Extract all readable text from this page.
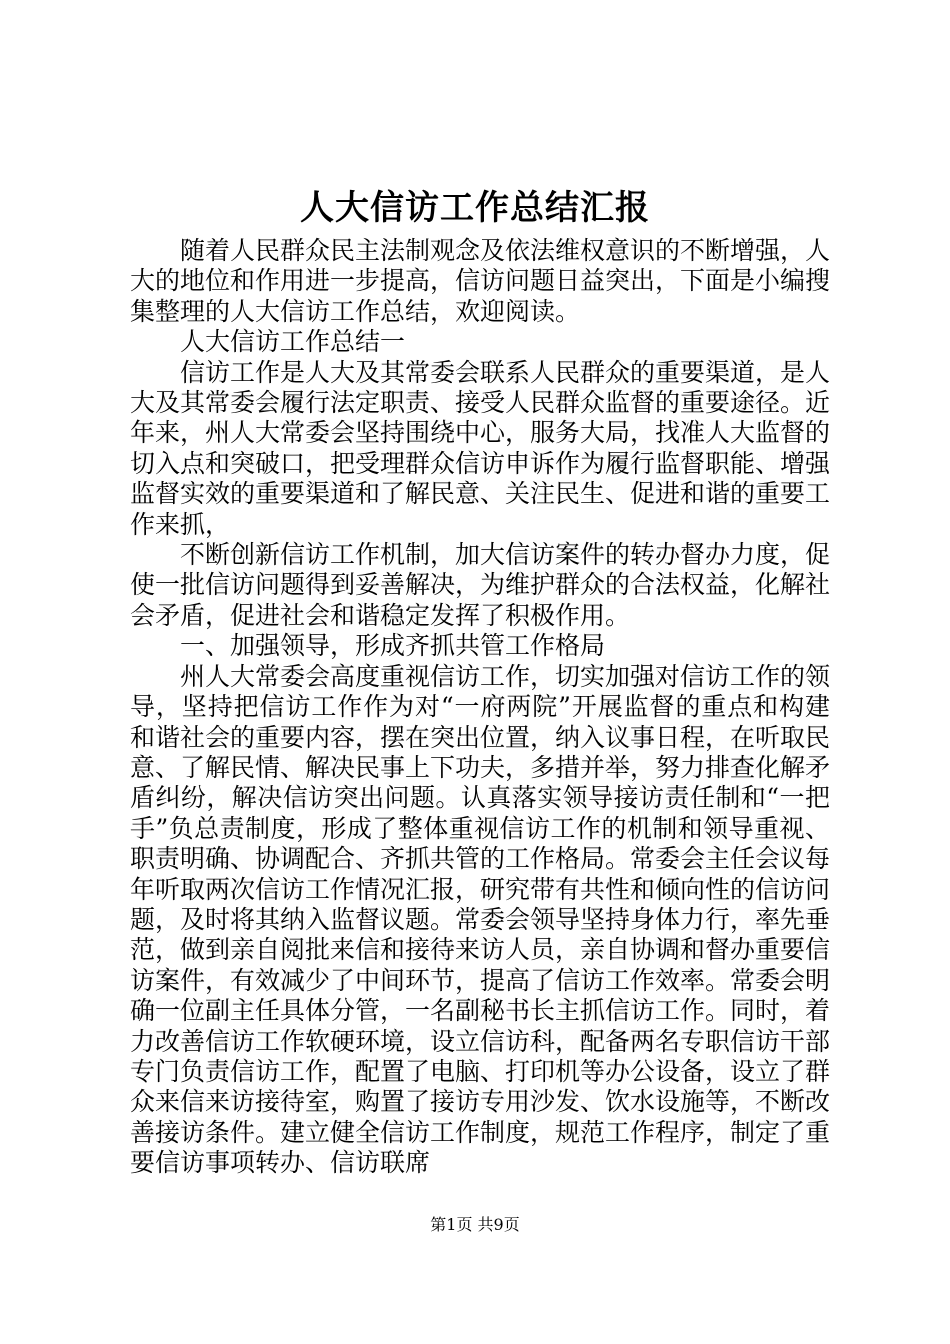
人大信访工作总结汇报

随着人民群众民主法制观念及依法维权意识的不断增强，人大的地位和作用进一步提高，信访问题日益突出，下面是小编搜集整理的人大信访工作总结，欢迎阅读。

人大信访工作总结一

信访工作是人大及其常委会联系人民群众的重要渠道，是人大及其常委会履行法定职责、接受人民群众监督的重要途径。近年来，州人大常委会坚持围绕中心，服务大局，找准人大监督的切入点和突破口，把受理群众信访申诉作为履行监督职能、增强监督实效的重要渠道和了解民意、关注民生、促进和谐的重要工作来抓，

不断创新信访工作机制，加大信访案件的转办督办力度，促使一批信访问题得到妥善解决，为维护群众的合法权益，化解社会矛盾，促进社会和谐稳定发挥了积极作用。

一、加强领导，形成齐抓共管工作格局

州人大常委会高度重视信访工作，切实加强对信访工作的领导，坚持把信访工作作为对“一府两院”开展监督的重点和构建和谐社会的重要内容，摆在突出位置，纳入议事日程，在听取民意、了解民情、解决民事上下功夫，多措并举，努力排查化解矛盾纠纷，解决信访突出问题。认真落实领导接访责任制和“一把手”负总责制度，形成了整体重视信访工作的机制和领导重视、职责明确、协调配合、齐抓共管的工作格局。常委会主任会议每年听取两次信访工作情况汇报，研究带有共性和倾向性的信访问题，及时将其纳入监督议题。常委会领导坚持身体力行，率先垂范，做到亲自阅批来信和接待来访人员，亲自协调和督办重要信访案件，有效减少了中间环节，提高了信访工作效率。常委会明确一位副主任具体分管，一名副秘书长主抓信访工作。同时，着力改善信访工作软硬环境，设立信访科，配备两名专职信访干部专门负责信访工作，配置了电脑、打印机等办公设备，设立了群众来信来访接待室，购置了接访专用沙发、饮水设施等，不断改善接访条件。建立健全信访工作制度，规范工作程序，制定了重要信访事项转办、信访联席

第1页 共9页
